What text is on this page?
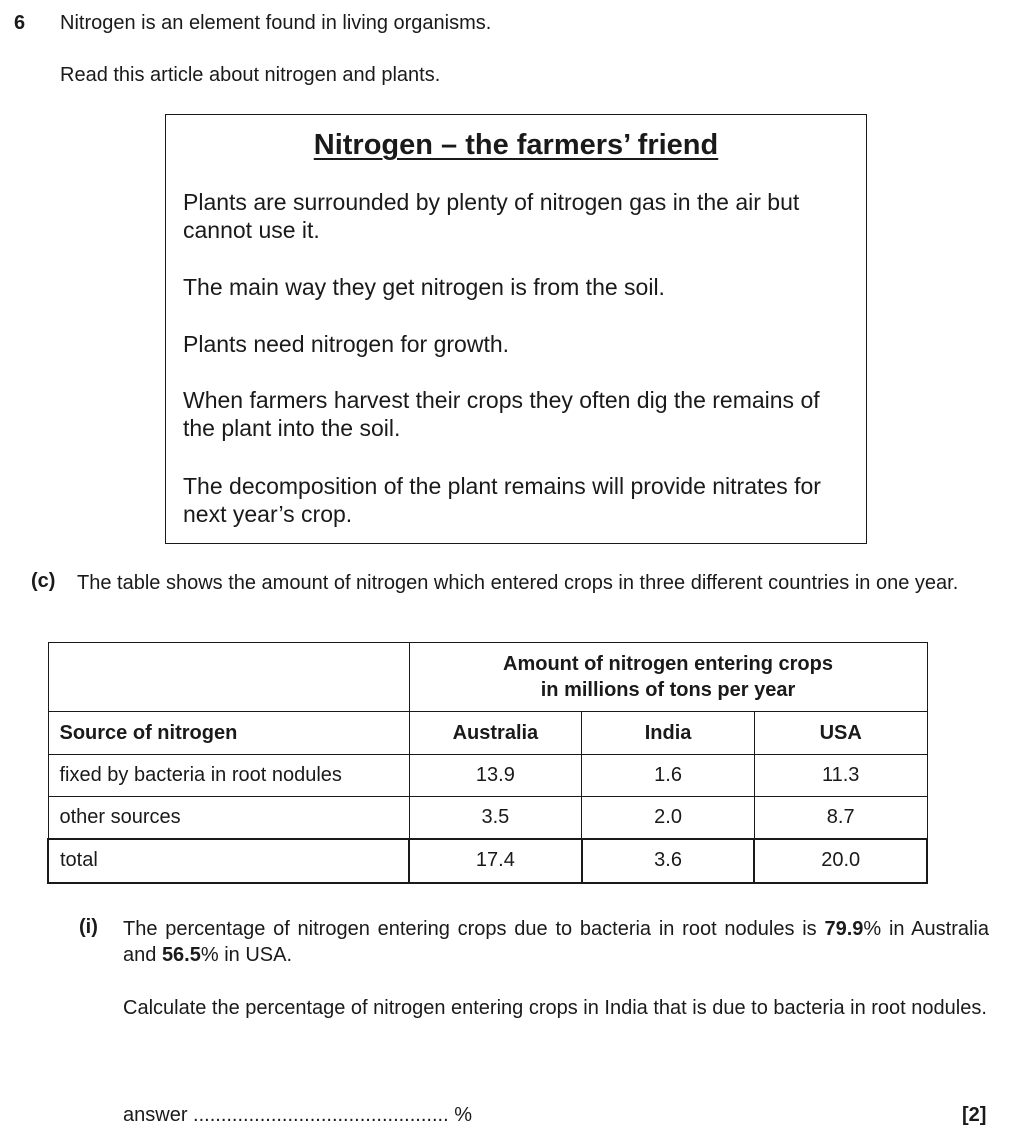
6 Nitrogen is an element found in living organisms.
Read this article about nitrogen and plants.
Nitrogen – the farmers’ friend
Plants are surrounded by plenty of nitrogen gas in the air but cannot use it.
The main way they get nitrogen is from the soil.
Plants need nitrogen for growth.
When farmers harvest their crops they often dig the remains of the plant into the soil.
The decomposition of the plant remains will provide nitrates for next year’s crop.
(c) The table shows the amount of nitrogen which entered crops in three different countries in one year.

	Amount of nitrogen entering crops
in millions of tons per year		

Source of nitrogen	Australia	India	USA
fixed by bacteria in root nodules	13.9	1.6	11.3
other sources	3.5	2.0	8.7
total	17.4	3.6	20.0
(i) The percentage of nitrogen entering crops due to bacteria in root nodules is 79.9% in Australia and 56.5% in USA.
Calculate the percentage of nitrogen entering crops in India that is due to bacteria in root nodules.
answer .............................................. %	[2]
